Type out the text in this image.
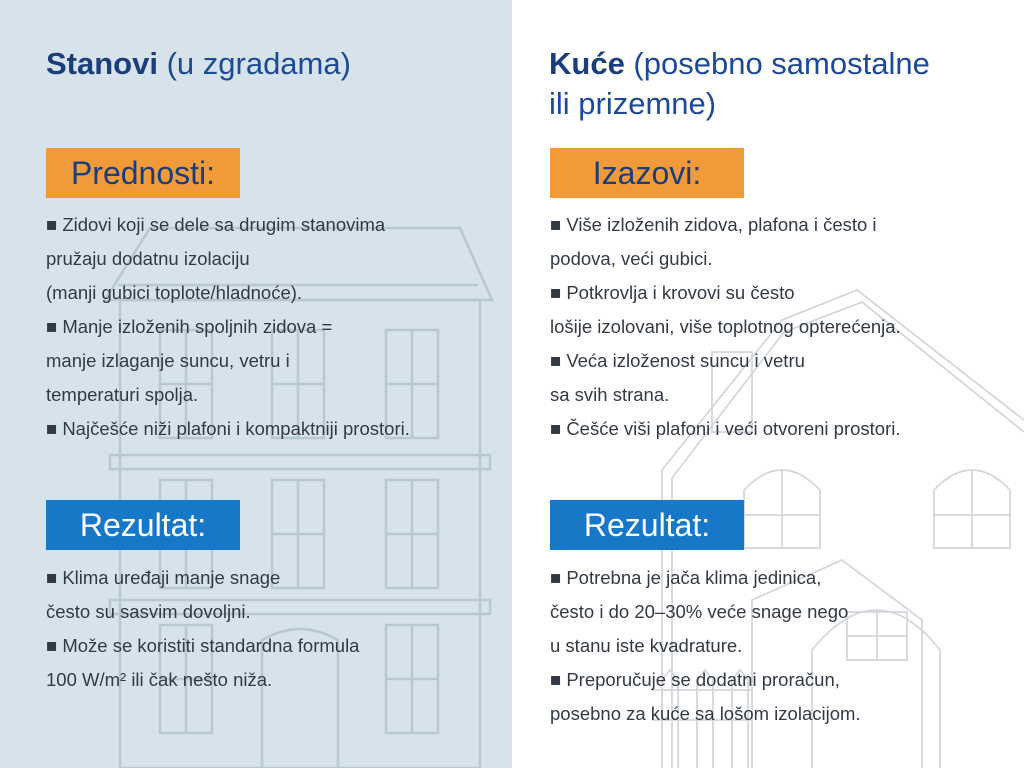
Stanovi (u zgradama)
Prednosti:
■ Zidovi koji se dele sa drugim stanovima
pružaju dodatnu izolaciju
(manji gubici toplote/hladnoće).
■ Manje izloženih spoljnih zidova =
manje izlaganje suncu, vetru i
temperaturi spolja.
■ Najčešće niži plafoni i kompaktniji prostori.
Rezultat:
■ Klima uređaji manje snage
često su sasvim dovoljni.
■ Može se koristiti standardna formula
100 W/m² ili čak nešto niža.
Kuće (posebno samostalne
ili prizemne)
Izazovi:
■ Više izloženih zidova, plafona i često i
podova, veći gubici.
■ Potkrovlja i krovovi su često
lošije izolovani, više toplotnog opterećenja.
■ Veća izloženost suncu i vetru
sa svih strana.
■ Češće viši plafoni i veći otvoreni prostori.
Rezultat:
■ Potrebna je jača klima jedinica,
često i do 20–30% veće snage nego
u stanu iste kvadrature.
■ Preporučuje se dodatni proračun,
posebno za kuće sa lošom izolacijom.
